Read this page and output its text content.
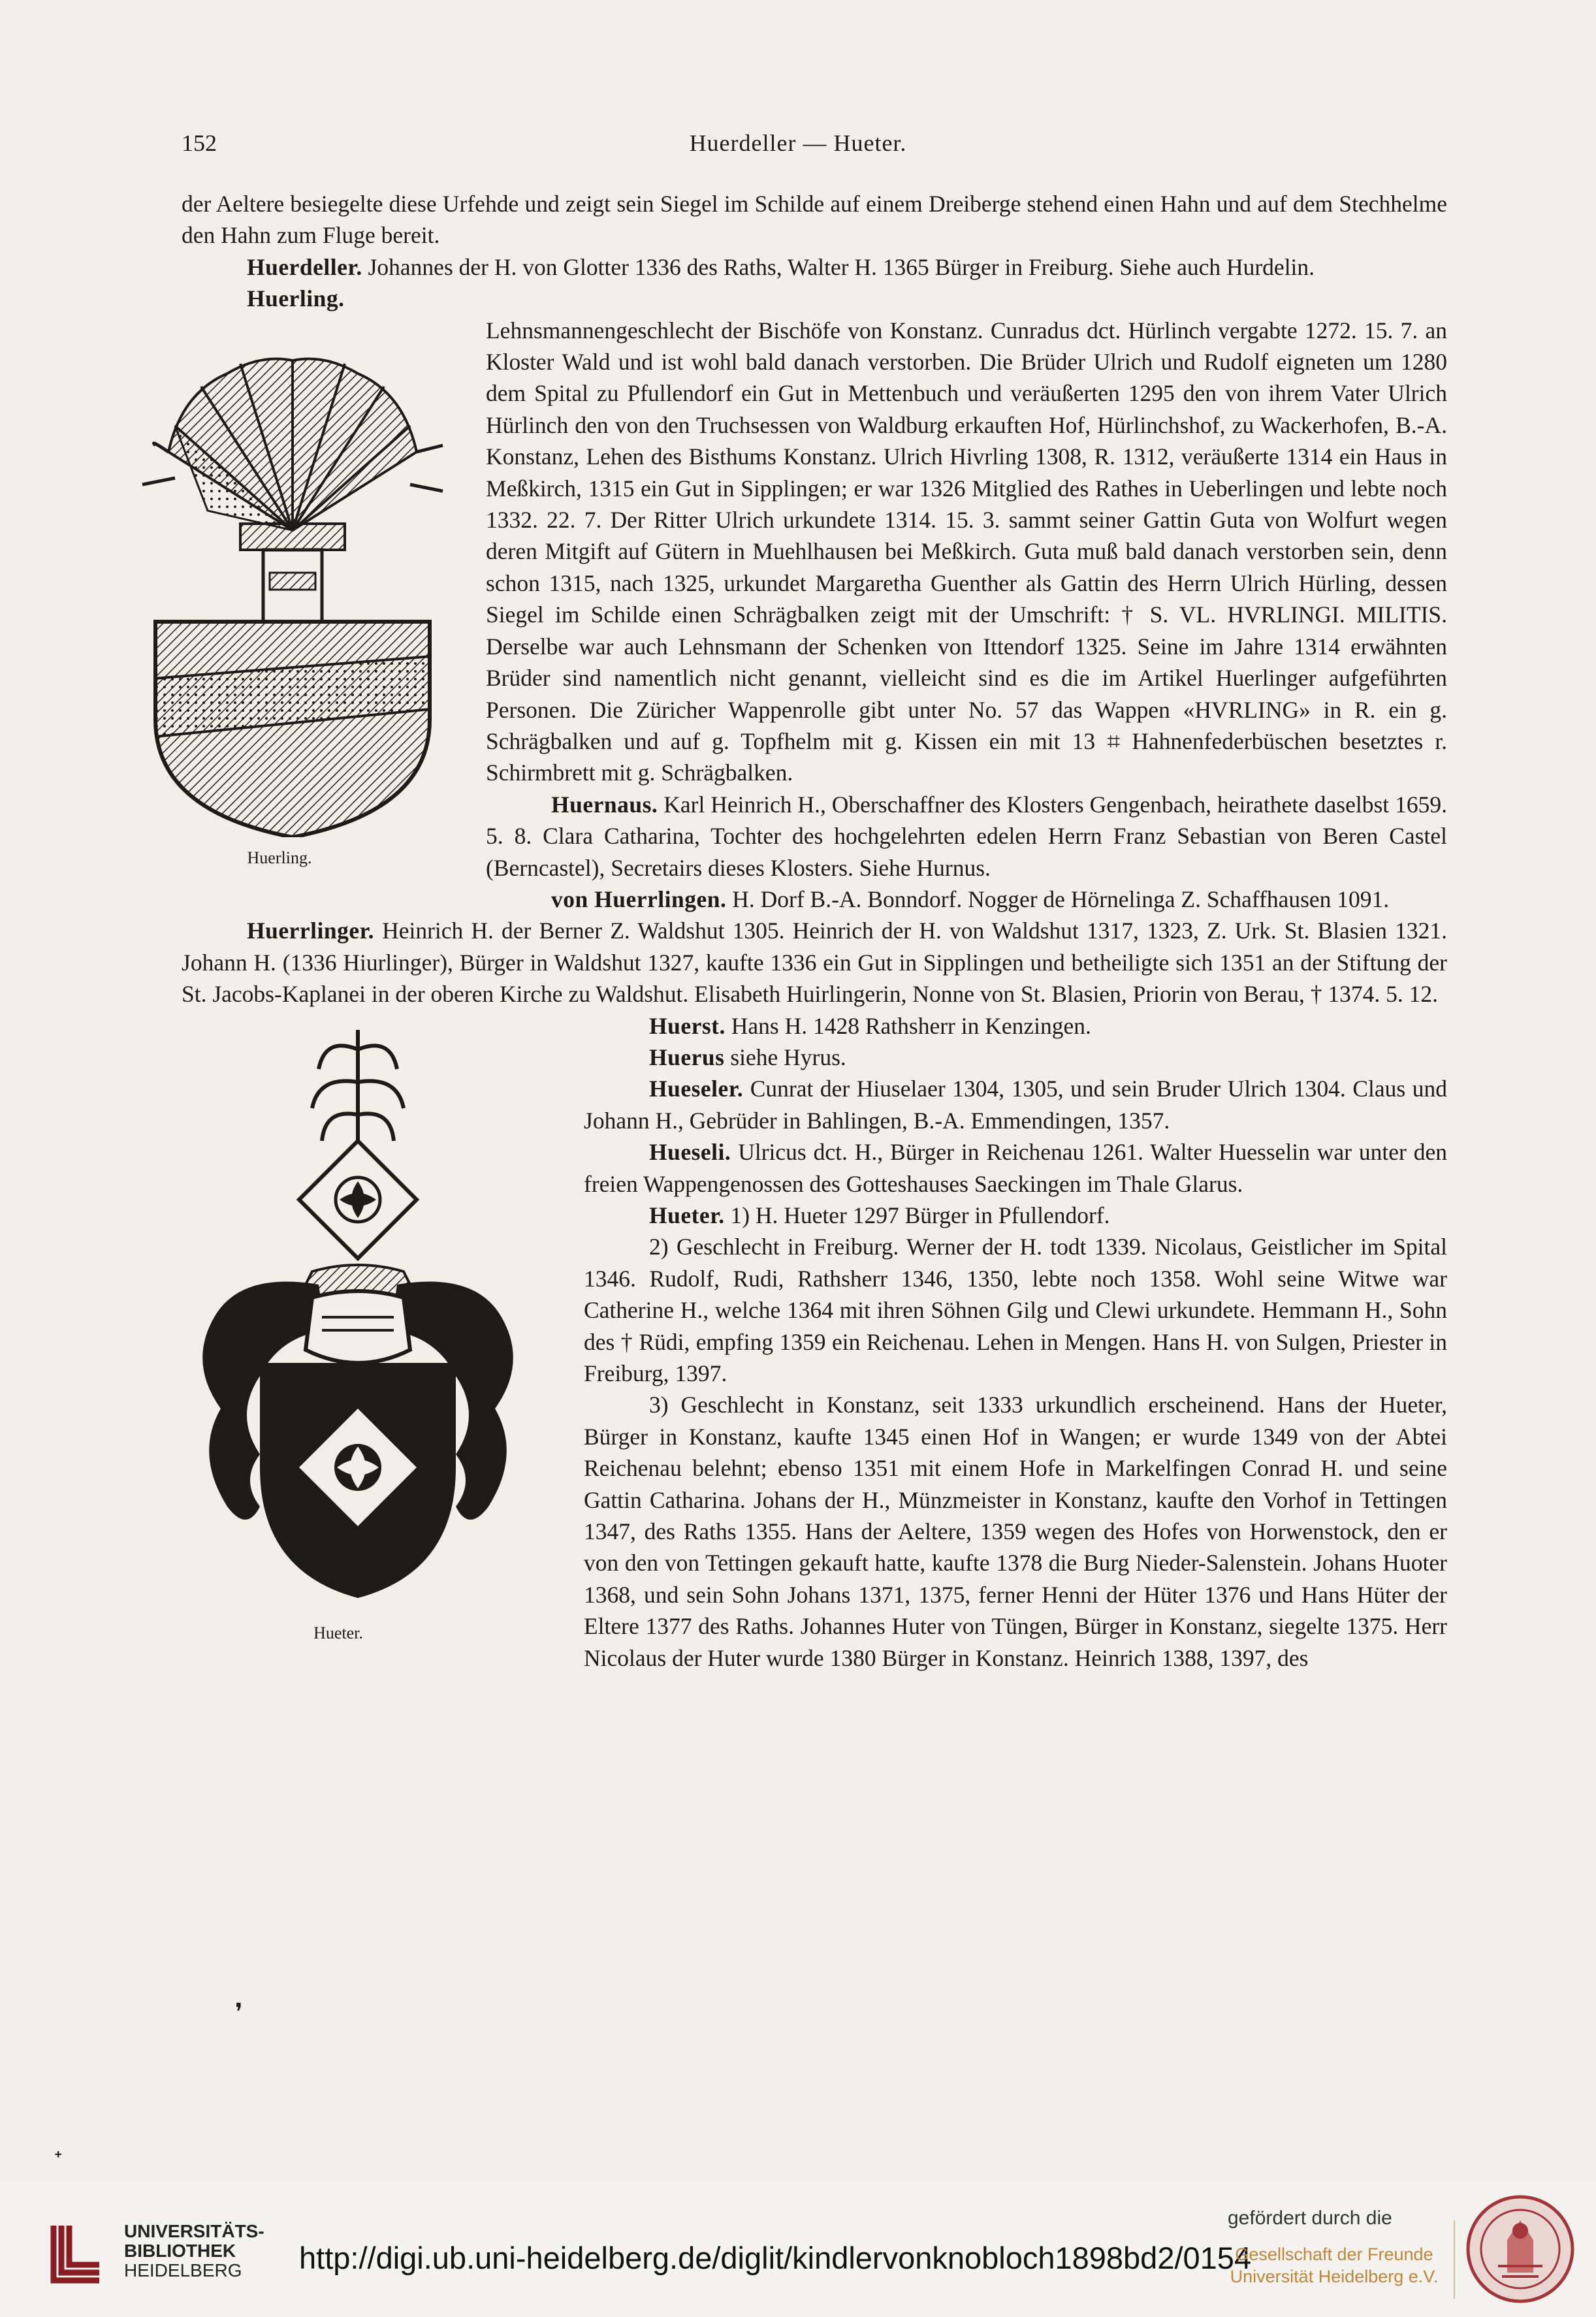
152	Huerdeller — Hueter.

der Aeltere besiegelte diese Urfehde und zeigt sein Siegel im Schilde auf einem Dreiberge stehend einen Hahn und auf dem Stechhelme den Hahn zum Fluge bereit.

Huerdeller. Johannes der H. von Glotter 1336 des Raths, Walter H. 1365 Bürger in Freiburg. Siehe auch Hurdelin.

Huerling.

Huerling.

Lehnsmannengeschlecht der Bischöfe von Konstanz. Cunradus dct. Hürlinch vergabte 1272. 15. 7. an Kloster Wald und ist wohl bald danach verstorben. Die Brüder Ulrich und Rudolf eigneten um 1280 dem Spital zu Pfullendorf ein Gut in Mettenbuch und veräußerten 1295 den von ihrem Vater Ulrich Hürlinch den von den Truchsessen von Waldburg erkauften Hof, Hürlinchshof, zu Wackerhofen, B.-A. Konstanz, Lehen des Bisthums Konstanz. Ulrich Hivrling 1308, R. 1312, veräußerte 1314 ein Haus in Meßkirch, 1315 ein Gut in Sipplingen; er war 1326 Mitglied des Rathes in Ueberlingen und lebte noch 1332. 22. 7. Der Ritter Ulrich urkundete 1314. 15. 3. sammt seiner Gattin Guta von Wolfurt wegen deren Mitgift auf Gütern in Muehlhausen bei Meßkirch. Guta muß bald danach verstorben sein, denn schon 1315, nach 1325, urkundet Margaretha Guenther als Gattin des Herrn Ulrich Hürling, dessen Siegel im Schilde einen Schrägbalken zeigt mit der Umschrift: † S. VL. HVRLINGI. MILITIS. Derselbe war auch Lehnsmann der Schenken von Ittendorf 1325. Seine im Jahre 1314 erwähnten Brüder sind namentlich nicht genannt, vielleicht sind es die im Artikel Huerlinger aufgeführten Personen. Die Züricher Wappenrolle gibt unter No. 57 das Wappen «HVRLING» in R. ein g. Schrägbalken und auf g. Topfhelm mit g. Kissen ein mit 13 ⌗ Hahnenfederbüschen besetztes r. Schirmbrett mit g. Schrägbalken.

Huernaus. Karl Heinrich H., Oberschaffner des Klosters Gengenbach, heirathete daselbst 1659. 5. 8. Clara Catharina, Tochter des hochgelehrten edelen Herrn Franz Sebastian von Beren Castel (Berncastel), Secretairs dieses Klosters. Siehe Hurnus.

von Huerrlingen. H. Dorf B.-A. Bonndorf. Nogger de Hörnelinga Z. Schaffhausen 1091.

Huerrlinger. Heinrich H. der Berner Z. Waldshut 1305. Heinrich der H. von Waldshut 1317, 1323, Z. Urk. St. Blasien 1321. Johann H. (1336 Hiurlinger), Bürger in Waldshut 1327, kaufte 1336 ein Gut in Sipplingen und betheiligte sich 1351 an der Stiftung der St. Jacobs-Kaplanei in der oberen Kirche zu Waldshut. Elisabeth Huirlingerin, Nonne von St. Blasien, Priorin von Berau, † 1374. 5. 12.

Hueter.

Huerst. Hans H. 1428 Rathsherr in Kenzingen.

Huerus siehe Hyrus.

Hueseler. Cunrat der Hiuselaer 1304, 1305, und sein Bruder Ulrich 1304. Claus und Johann H., Gebrüder in Bahlingen, B.-A. Emmendingen, 1357.

Hueseli. Ulricus dct. H., Bürger in Reichenau 1261. Walter Huesselin war unter den freien Wappengenossen des Gotteshauses Saeckingen im Thale Glarus.

Hueter. 1) H. Hueter 1297 Bürger in Pfullendorf.

2) Geschlecht in Freiburg. Werner der H. todt 1339. Nicolaus, Geistlicher im Spital 1346. Rudolf, Rudi, Rathsherr 1346, 1350, lebte noch 1358. Wohl seine Witwe war Catherine H., welche 1364 mit ihren Söhnen Gilg und Clewi urkundete. Hemmann H., Sohn des † Rüdi, empfing 1359 ein Reichenau. Lehen in Mengen. Hans H. von Sulgen, Priester in Freiburg, 1397.

3) Geschlecht in Konstanz, seit 1333 urkundlich erscheinend. Hans der Hueter, Bürger in Konstanz, kaufte 1345 einen Hof in Wangen; er wurde 1349 von der Abtei Reichenau belehnt; ebenso 1351 mit einem Hofe in Markelfingen Conrad H. und seine Gattin Catharina. Johans der H., Münzmeister in Konstanz, kaufte den Vorhof in Tettingen 1347, des Raths 1355. Hans der Aeltere, 1359 wegen des Hofes von Horwenstock, den er von den von Tettingen gekauft hatte, kaufte 1378 die Burg Nieder-Salenstein. Johans Huoter 1368, und sein Sohn Johans 1371, 1375, ferner Henni der Hüter 1376 und Hans Hüter der Eltere 1377 des Raths. Johannes Huter von Tüngen, Bürger in Konstanz, siegelte 1375. Herr Nicolaus der Huter wurde 1380 Bürger in Konstanz. Heinrich 1388, 1397, des

❜
ᐩ
UNIVERSITÄTS-
BIBLIOTHEK
HEIDELBERG	http://digi.ub.uni-heidelberg.de/diglit/kindlervonknobloch1898bd2/0154
gefördert durch die
Gesellschaft der Freunde
Universität Heidelberg e.V.
